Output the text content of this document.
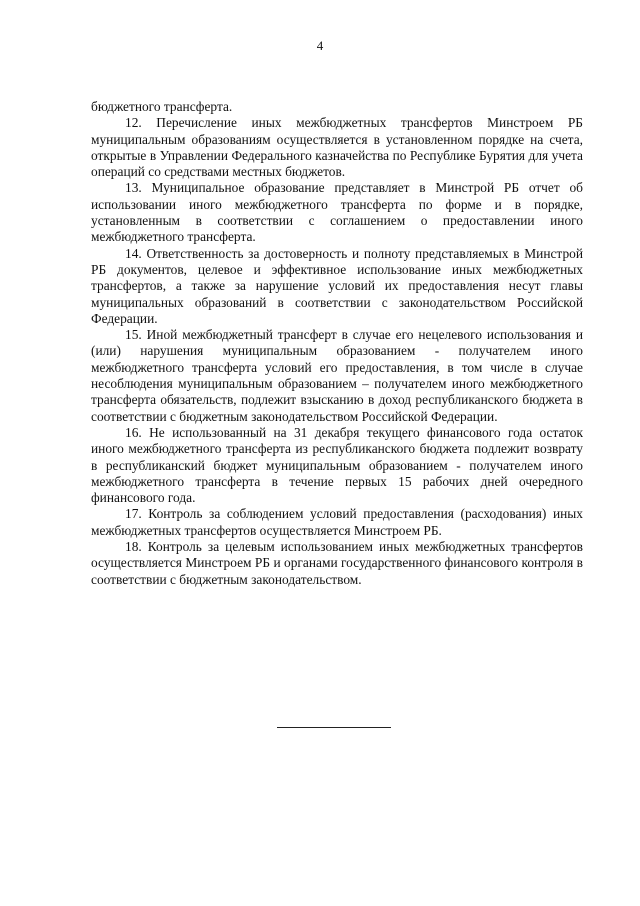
4

бюджетного трансферта.

12. Перечисление иных межбюджетных трансфертов Минстроем РБ муниципальным образованиям осуществляется в установленном порядке на счета, открытые в Управлении Федерального казначейства по Республике Бурятия для учета операций со средствами местных бюджетов.

13. Муниципальное образование представляет в Минстрой РБ отчет об использовании иного межбюджетного трансферта по форме и в порядке, установленным в соответствии с соглашением о предоставлении иного межбюджетного трансферта.

14. Ответственность за достоверность и полноту представляемых в Минстрой РБ документов, целевое и эффективное использование иных межбюджетных трансфертов, а также за нарушение условий их предоставления несут главы муниципальных образований в соответствии с законодательством Российской Федерации.

15. Иной межбюджетный трансферт в случае его нецелевого использования и (или) нарушения муниципальным образованием - получателем иного межбюджетного трансферта условий его предоставления, в том числе в случае несоблюдения муниципальным образованием – получателем иного межбюджетного трансферта обязательств, подлежит взысканию в доход республиканского бюджета в соответствии с бюджетным законодательством Российской Федерации.

16. Не использованный на 31 декабря текущего финансового года остаток иного межбюджетного трансферта из республиканского бюджета подлежит возврату в республиканский бюджет муниципальным образованием - получателем иного межбюджетного трансферта в течение первых 15 рабочих дней очередного финансового года.

17. Контроль за соблюдением условий предоставления (расходования) иных межбюджетных трансфертов осуществляется Минстроем РБ.

18. Контроль за целевым использованием иных межбюджетных трансфертов осуществляется Минстроем РБ и органами государственного финансового контроля в соответствии с бюджетным законодательством.
